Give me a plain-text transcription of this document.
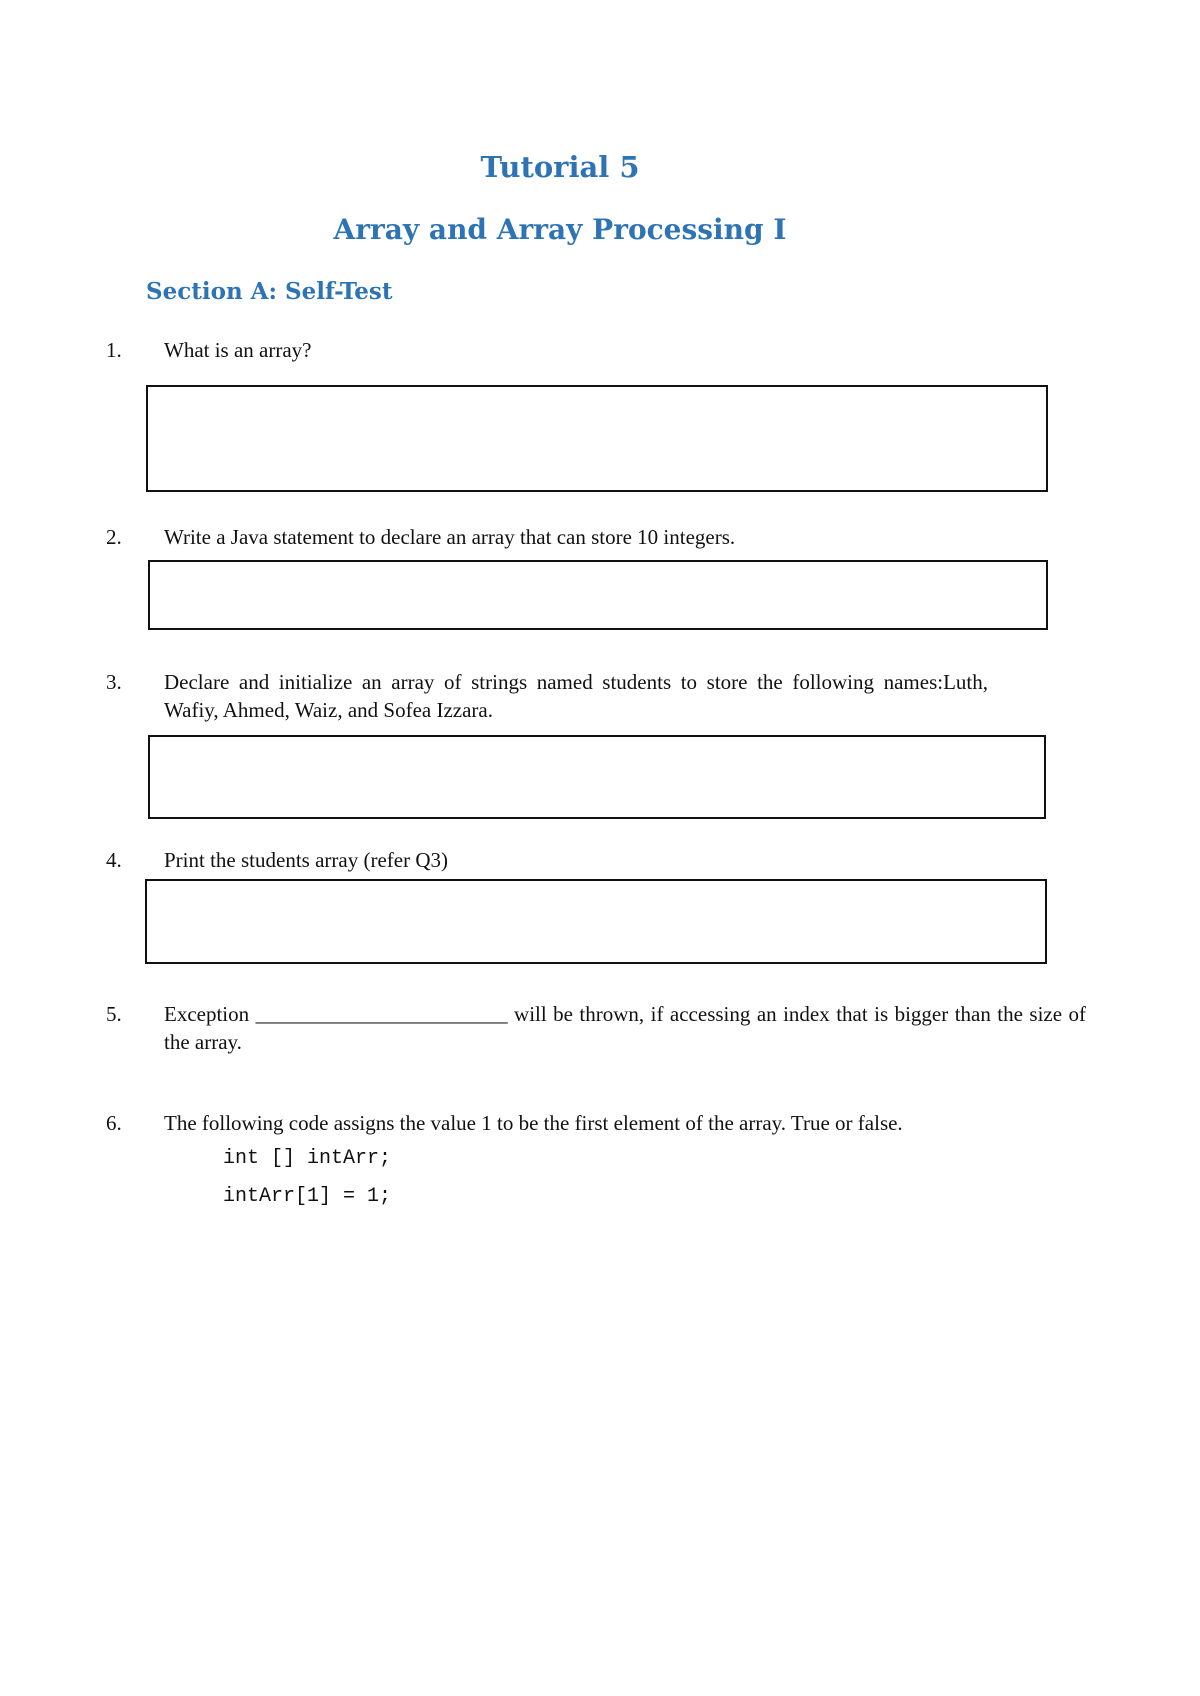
Tutorial 5
Array and Array Processing I
Section A: Self-Test
1. What is an array?

2. Write a Java statement to declare an array that can store 10 integers.

3. Declare and initialize an array of strings named students to store the following names:Luth, Wafiy, Ahmed, Waiz, and Sofea Izzara.

4. Print the students array (refer Q3)

5. Exception ________________________ will be thrown, if accessing an index that is bigger than the size of the array.

6. The following code assigns the value 1 to be the first element of the array. True or false.

int [] intArr;
intArr[1] = 1;
